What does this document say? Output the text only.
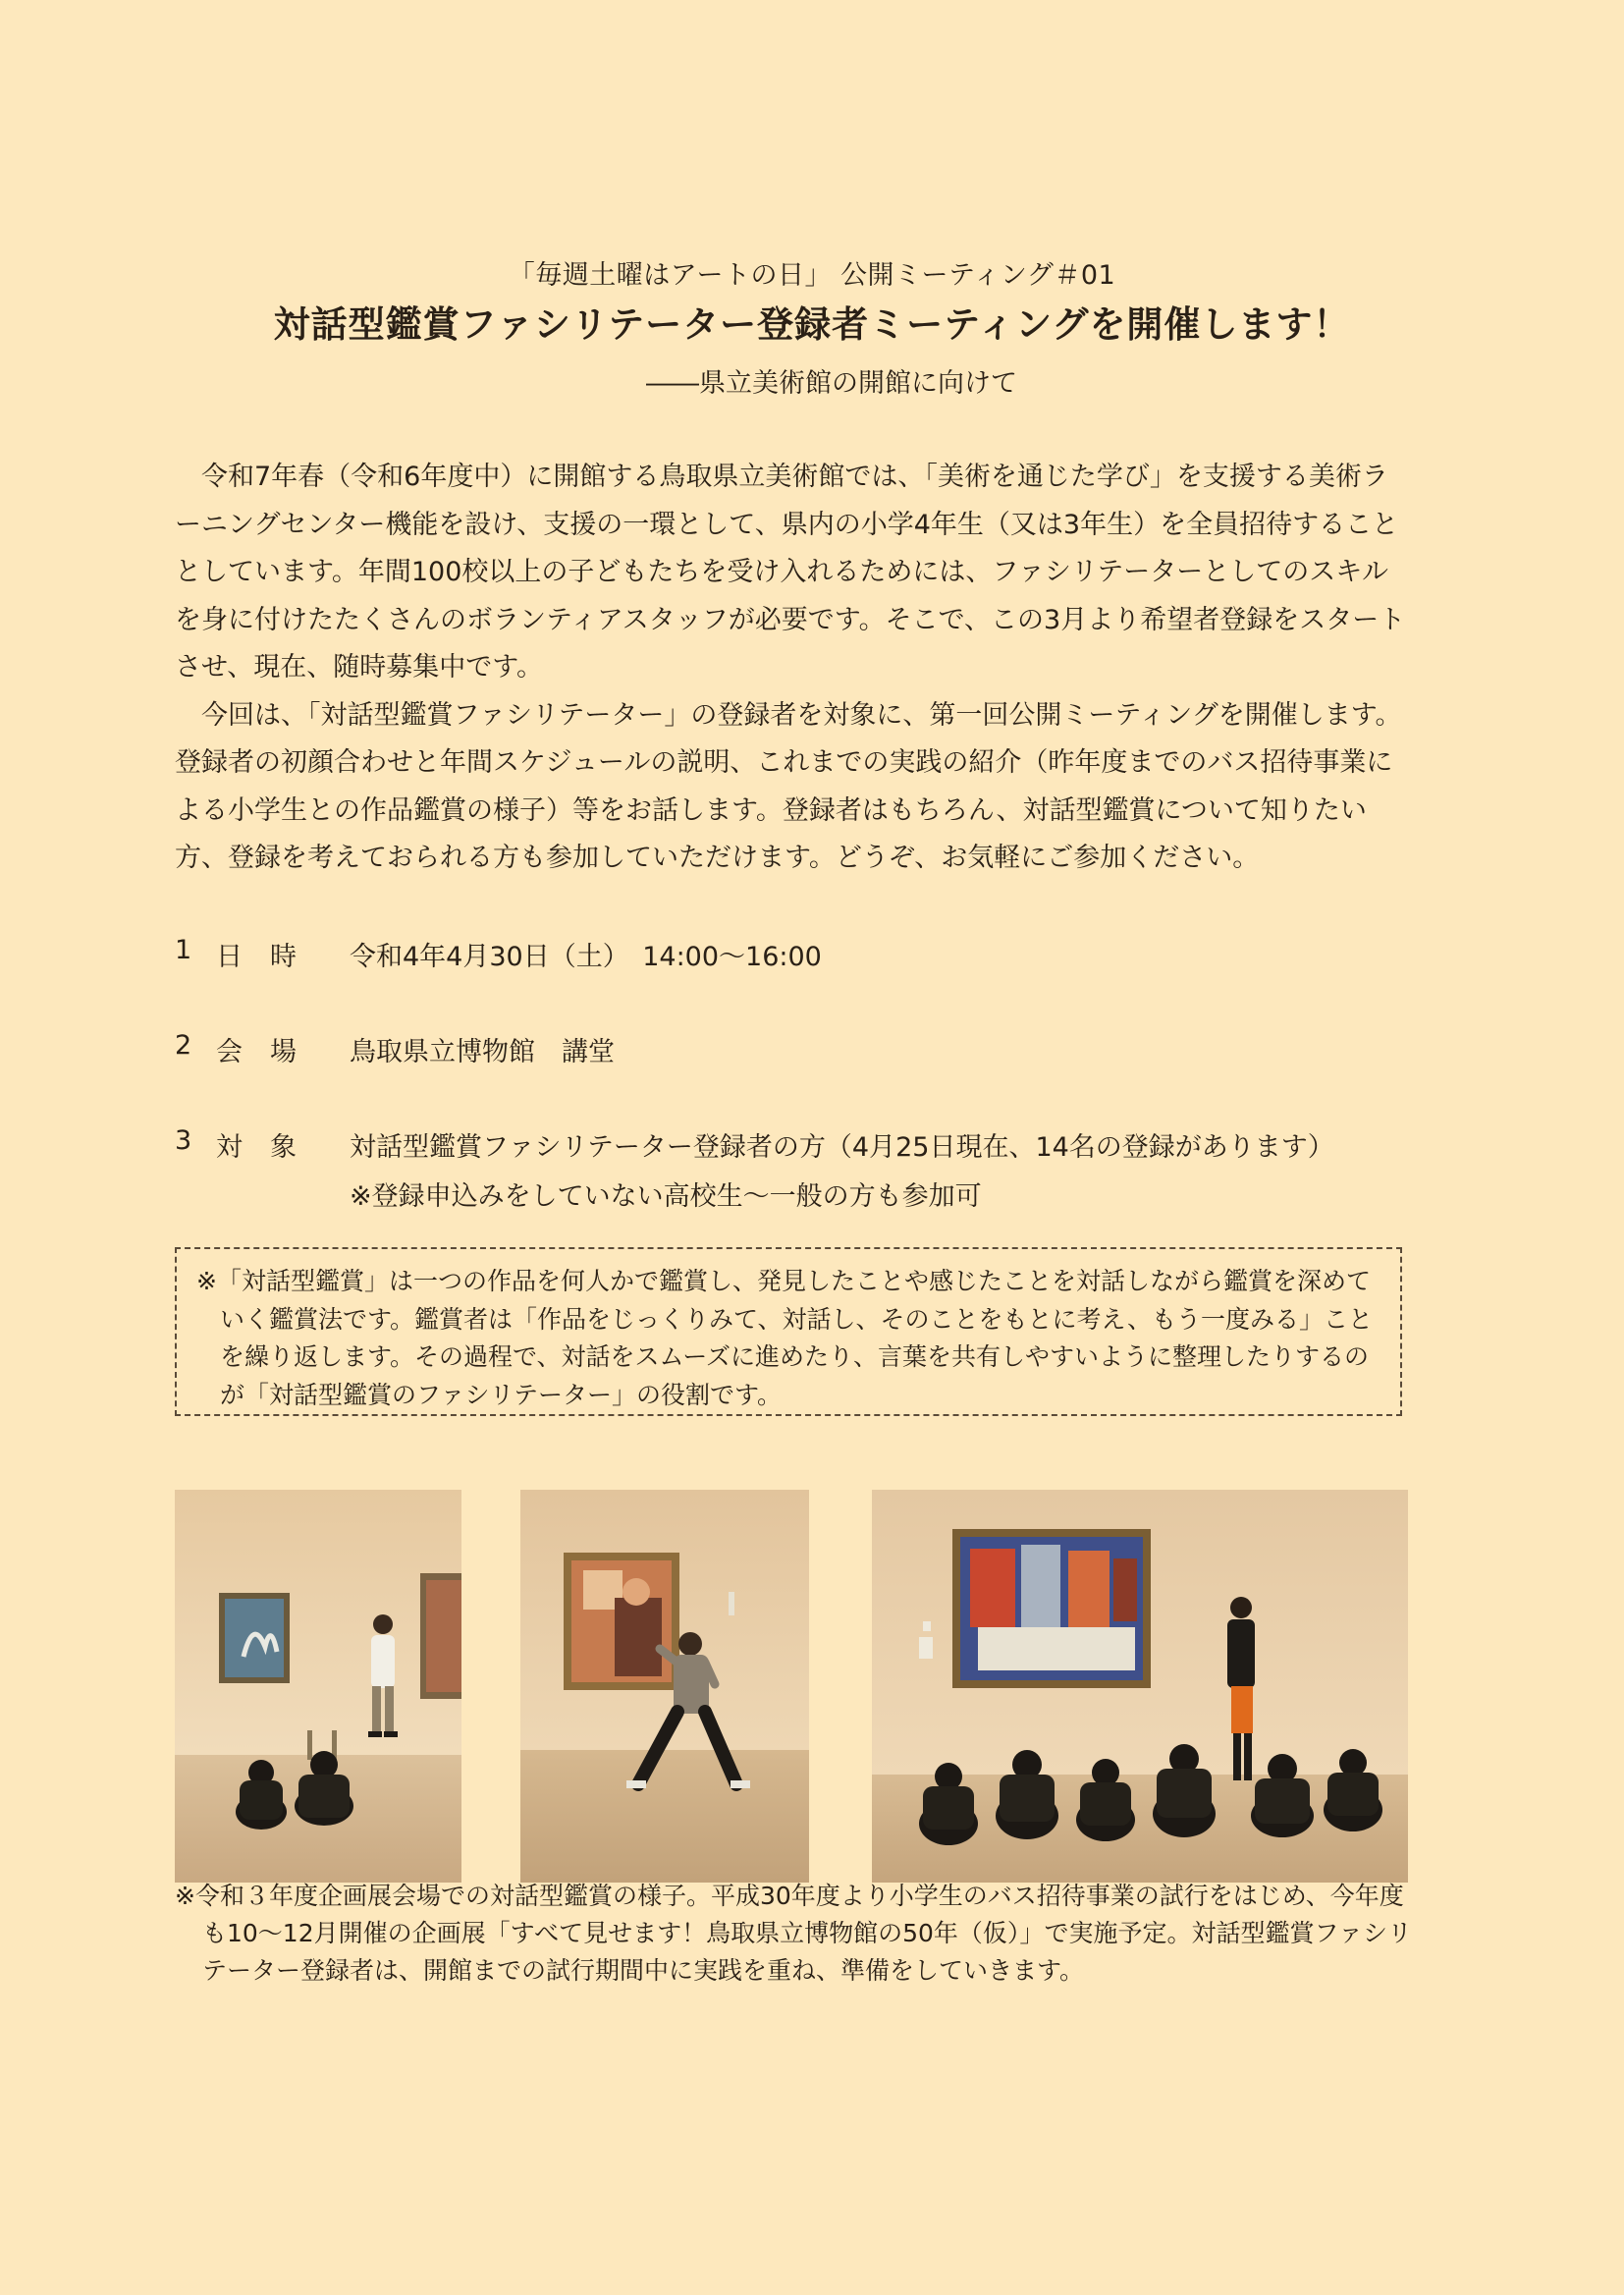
「毎週土曜はアートの日」 公開ミーティング＃01
対話型鑑賞ファシリテーター登録者ミーティングを開催します！
――県立美術館の開館に向けて

令和7年春（令和6年度中）に開館する鳥取県立美術館では、「美術を通じた学び」を支援する美術ラーニングセンター機能を設け、支援の一環として、県内の小学4年生（又は3年生）を全員招待することとしています。年間100校以上の子どもたちを受け入れるためには、ファシリテーターとしてのスキルを身に付けたたくさんのボランティアスタッフが必要です。そこで、この3月より希望者登録をスタートさせ、現在、随時募集中です。

今回は、「対話型鑑賞ファシリテーター」の登録者を対象に、第一回公開ミーティングを開催します。登録者の初顔合わせと年間スケジュールの説明、これまでの実践の紹介（昨年度までのバス招待事業による小学生との作品鑑賞の様子）等をお話します。登録者はもちろん、対話型鑑賞について知りたい方、登録を考えておられる方も参加していただけます。どうぞ、お気軽にご参加ください。

1 日時 令和4年4月30日（土）　14:00～16:00
2 会場 鳥取県立博物館　講堂
3 対象 対話型鑑賞ファシリテーター登録者の方（4月25日現在、14名の登録があります）
※登録申込みをしていない高校生～一般の方も参加可

※「対話型鑑賞」は一つの作品を何人かで鑑賞し、発見したことや感じたことを対話しながら鑑賞を深めていく鑑賞法です。鑑賞者は「作品をじっくりみて、対話し、そのことをもとに考え、もう一度みる」ことを繰り返します。その過程で、対話をスムーズに進めたり、言葉を共有しやすいように整理したりするのが「対話型鑑賞のファシリテーター」の役割です。

※令和３年度企画展会場での対話型鑑賞の様子。平成30年度より小学生のバス招待事業の試行をはじめ、今年度も10～12月開催の企画展「すべて見せます！鳥取県立博物館の50年（仮）」で実施予定。対話型鑑賞ファシリテーター登録者は、開館までの試行期間中に実践を重ね、準備をしていきます。
